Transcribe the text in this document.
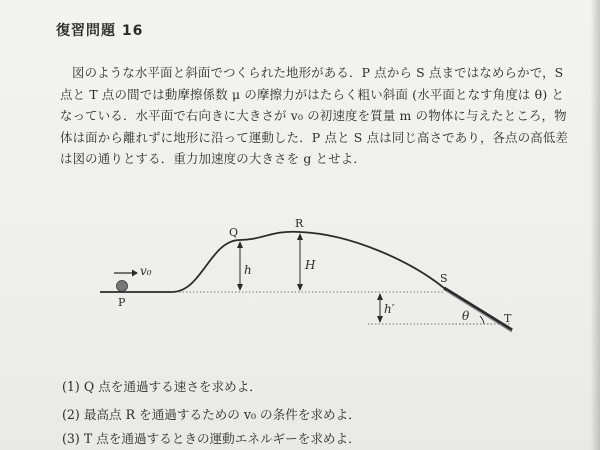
復習問題 16
図のような水平面と斜面でつくられた地形がある．P 点から S 点まではなめらかで，S
点と T 点の間では動摩擦係数 μ の摩擦力がはたらく粗い斜面 (水平面となす角度は θ) と
なっている．水平面で右向きに大きさが v₀ の初速度を質量 m の物体に与えたところ，物
体は面から離れずに地形に沿って運動した．P 点と S 点は同じ高さであり，各点の高低差
は図の通りとする．重力加速度の大きさを g とせよ．
v₀
P
Q
R
S
T
h	H
h′	θ
(1) Q 点を通過する速さを求めよ．
(2) 最高点 R を通過するための v₀ の条件を求めよ．
(3) T 点を通過するときの運動エネルギーを求めよ．
